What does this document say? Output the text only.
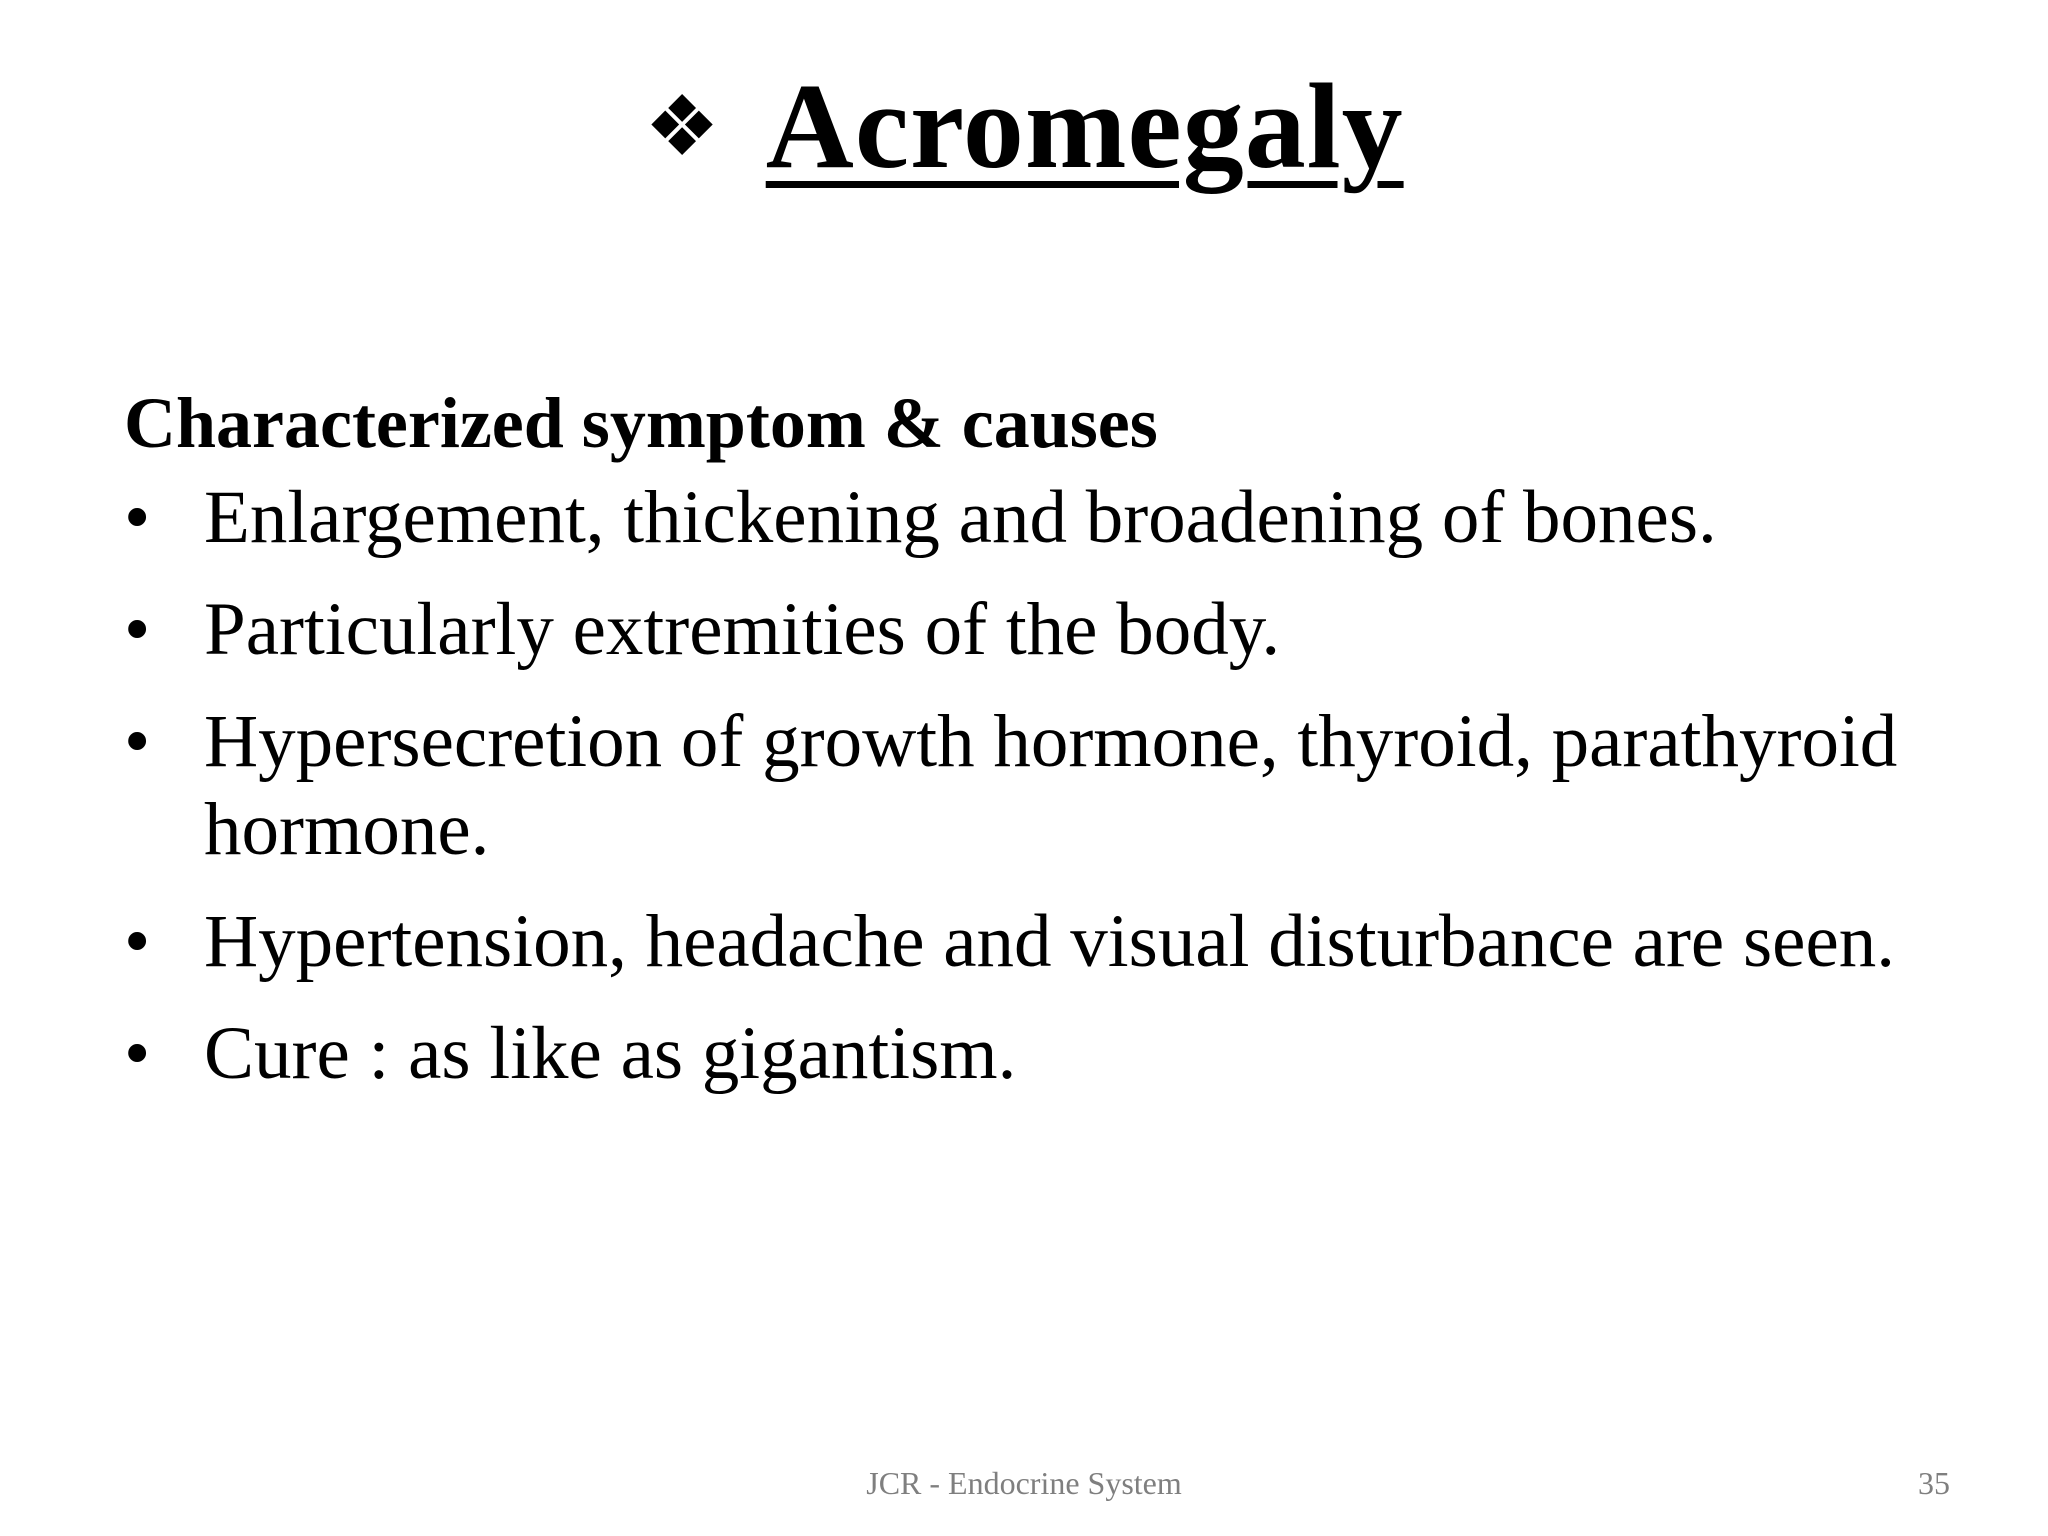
❖ Acromegaly
Characterized symptom & causes
• Enlargement, thickening and broadening of bones.
• Particularly extremities of the body.
• Hypersecretion of growth hormone, thyroid, parathyroid hormone.
• Hypertension, headache and visual disturbance are seen.
• Cure : as like as gigantism.
JCR - Endocrine System	35
